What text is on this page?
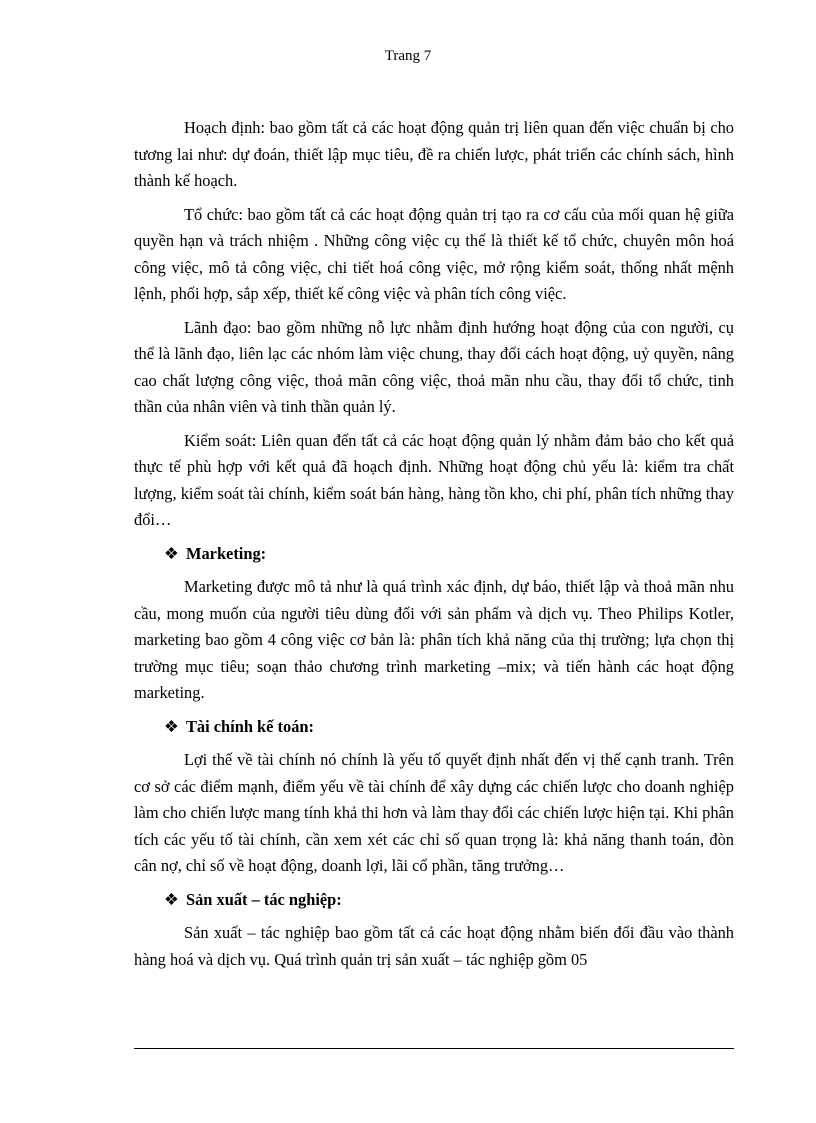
Trang 7

Hoạch định: bao gồm tất cả các hoạt động quản trị liên quan đến việc chuẩn bị cho tương lai như: dự đoán, thiết lập mục tiêu, đề ra chiến lược, phát triển các chính sách, hình thành kế hoạch.

Tổ chức: bao gồm tất cả các hoạt động quản trị tạo ra cơ cấu của mối quan hệ giữa quyền hạn và trách nhiệm . Những công việc cụ thể là thiết kế tổ chức, chuyên môn hoá công việc, mô tả công việc, chi tiết hoá công việc, mở rộng kiểm soát, thống nhất mệnh lệnh, phối hợp, sắp xếp, thiết kế công việc và phân tích công việc.

Lãnh đạo: bao gồm những nỗ lực nhằm định hướng hoạt động của con người, cụ thể là lãnh đạo, liên lạc các nhóm làm việc chung, thay đổi cách hoạt động, uỷ quyền, nâng cao chất lượng công việc, thoả mãn công việc, thoả mãn nhu cầu, thay đổi tổ chức, tinh thần của nhân viên và tinh thần quản lý.

Kiểm soát: Liên quan đến tất cả các hoạt động quản lý nhằm đảm bảo cho kết quả thực tế phù hợp với kết quả đã hoạch định. Những hoạt động chủ yếu là: kiểm tra chất lượng, kiểm soát tài chính, kiểm soát bán hàng, hàng tồn kho, chi phí, phân tích những thay đổi…

❖ Marketing:

Marketing được mô tả như là quá trình xác định, dự báo, thiết lập và thoả mãn nhu cầu, mong muốn của người tiêu dùng đối với sản phẩm và dịch vụ. Theo Philips Kotler, marketing bao gồm 4 công việc cơ bản là: phân tích khả năng của thị trường; lựa chọn thị trường mục tiêu; soạn thảo chương trình marketing –mix; và tiến hành các hoạt động marketing.

❖ Tài chính kế toán:

Lợi thế về tài chính nó chính là yếu tố quyết định nhất đến vị thế cạnh tranh. Trên cơ sở các điểm mạnh, điểm yếu về tài chính để xây dựng các chiến lược cho doanh nghiệp làm cho chiến lược mang tính khả thi hơn và làm thay đổi các chiến lược hiện tại. Khi phân tích các yếu tố tài chính, cần xem xét các chỉ số quan trọng là: khả năng thanh toán, đòn cân nợ, chỉ số về hoạt động, doanh lợi, lãi cổ phần, tăng trưởng…

❖ Sản xuất – tác nghiệp:

Sản xuất – tác nghiệp bao gồm tất cả các hoạt động nhằm biến đổi đầu vào thành hàng hoá và dịch vụ. Quá trình quản trị sản xuất – tác nghiệp gồm 05
